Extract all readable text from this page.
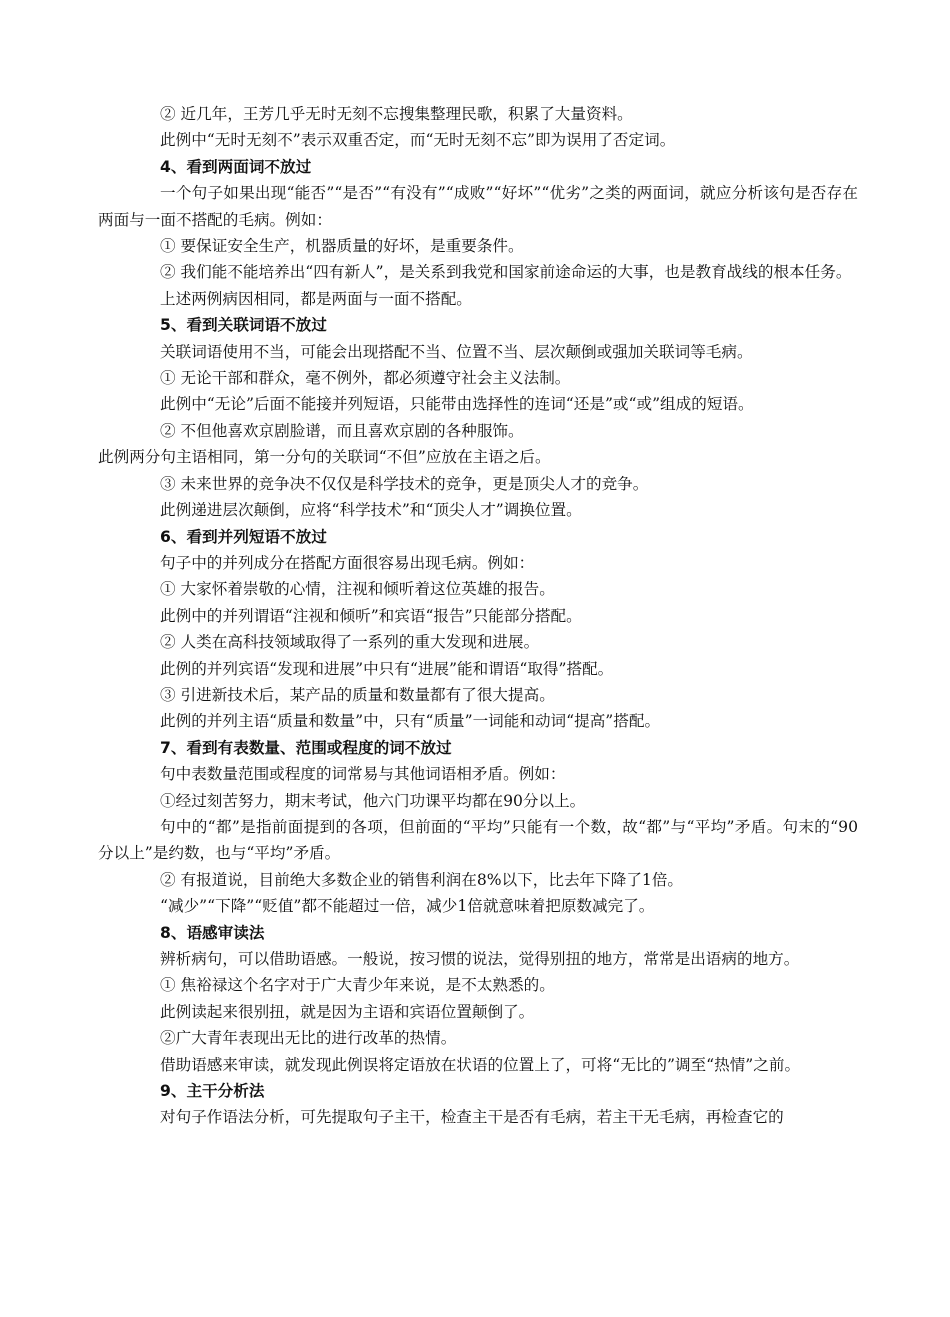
② 近几年，王芳几乎无时无刻不忘搜集整理民歌，积累了大量资料。

此例中“无时无刻不”表示双重否定，而“无时无刻不忘”即为误用了否定词。

4、看到两面词不放过

一个句子如果出现“能否”“是否”“有没有”“成败”“好坏”“优劣”之类的两面词，就应分析该句是否存在两面与一面不搭配的毛病。例如：

① 要保证安全生产，机器质量的好坏，是重要条件。

② 我们能不能培养出“四有新人”，是关系到我党和国家前途命运的大事，也是教育战线的根本任务。

上述两例病因相同，都是两面与一面不搭配。

5、看到关联词语不放过

关联词语使用不当，可能会出现搭配不当、位置不当、层次颠倒或强加关联词等毛病。

① 无论干部和群众，毫不例外，都必须遵守社会主义法制。

此例中“无论”后面不能接并列短语，只能带由选择性的连词“还是”或“或”组成的短语。

② 不但他喜欢京剧脸谱，而且喜欢京剧的各种服饰。

此例两分句主语相同，第一分句的关联词“不但”应放在主语之后。

③ 未来世界的竞争决不仅仅是科学技术的竞争，更是顶尖人才的竞争。

此例递进层次颠倒，应将“科学技术”和“顶尖人才”调换位置。

6、看到并列短语不放过

句子中的并列成分在搭配方面很容易出现毛病。例如：

① 大家怀着崇敬的心情，注视和倾听着这位英雄的报告。

此例中的并列谓语“注视和倾听”和宾语“报告”只能部分搭配。

② 人类在高科技领域取得了一系列的重大发现和进展。

此例的并列宾语“发现和进展”中只有“进展”能和谓语“取得”搭配。

③ 引进新技术后，某产品的质量和数量都有了很大提高。

此例的并列主语“质量和数量”中，只有“质量”一词能和动词“提高”搭配。

7、看到有表数量、范围或程度的词不放过

句中表数量范围或程度的词常易与其他词语相矛盾。例如：

①经过刻苦努力，期末考试，他六门功课平均都在90分以上。

句中的“都”是指前面提到的各项，但前面的“平均”只能有一个数，故“都”与“平均”矛盾。句末的“90分以上”是约数，也与“平均”矛盾。

② 有报道说，目前绝大多数企业的销售利润在8%以下，比去年下降了1倍。

“减少”“下降”“贬值”都不能超过一倍，减少1倍就意味着把原数减完了。

8、语感审读法

辨析病句，可以借助语感。一般说，按习惯的说法，觉得别扭的地方，常常是出语病的地方。

① 焦裕禄这个名字对于广大青少年来说，是不太熟悉的。

此例读起来很别扭，就是因为主语和宾语位置颠倒了。

②广大青年表现出无比的进行改革的热情。

借助语感来审读，就发现此例误将定语放在状语的位置上了，可将“无比的”调至“热情”之前。

9、主干分析法

对句子作语法分析，可先提取句子主干，检查主干是否有毛病，若主干无毛病，再检查它的
